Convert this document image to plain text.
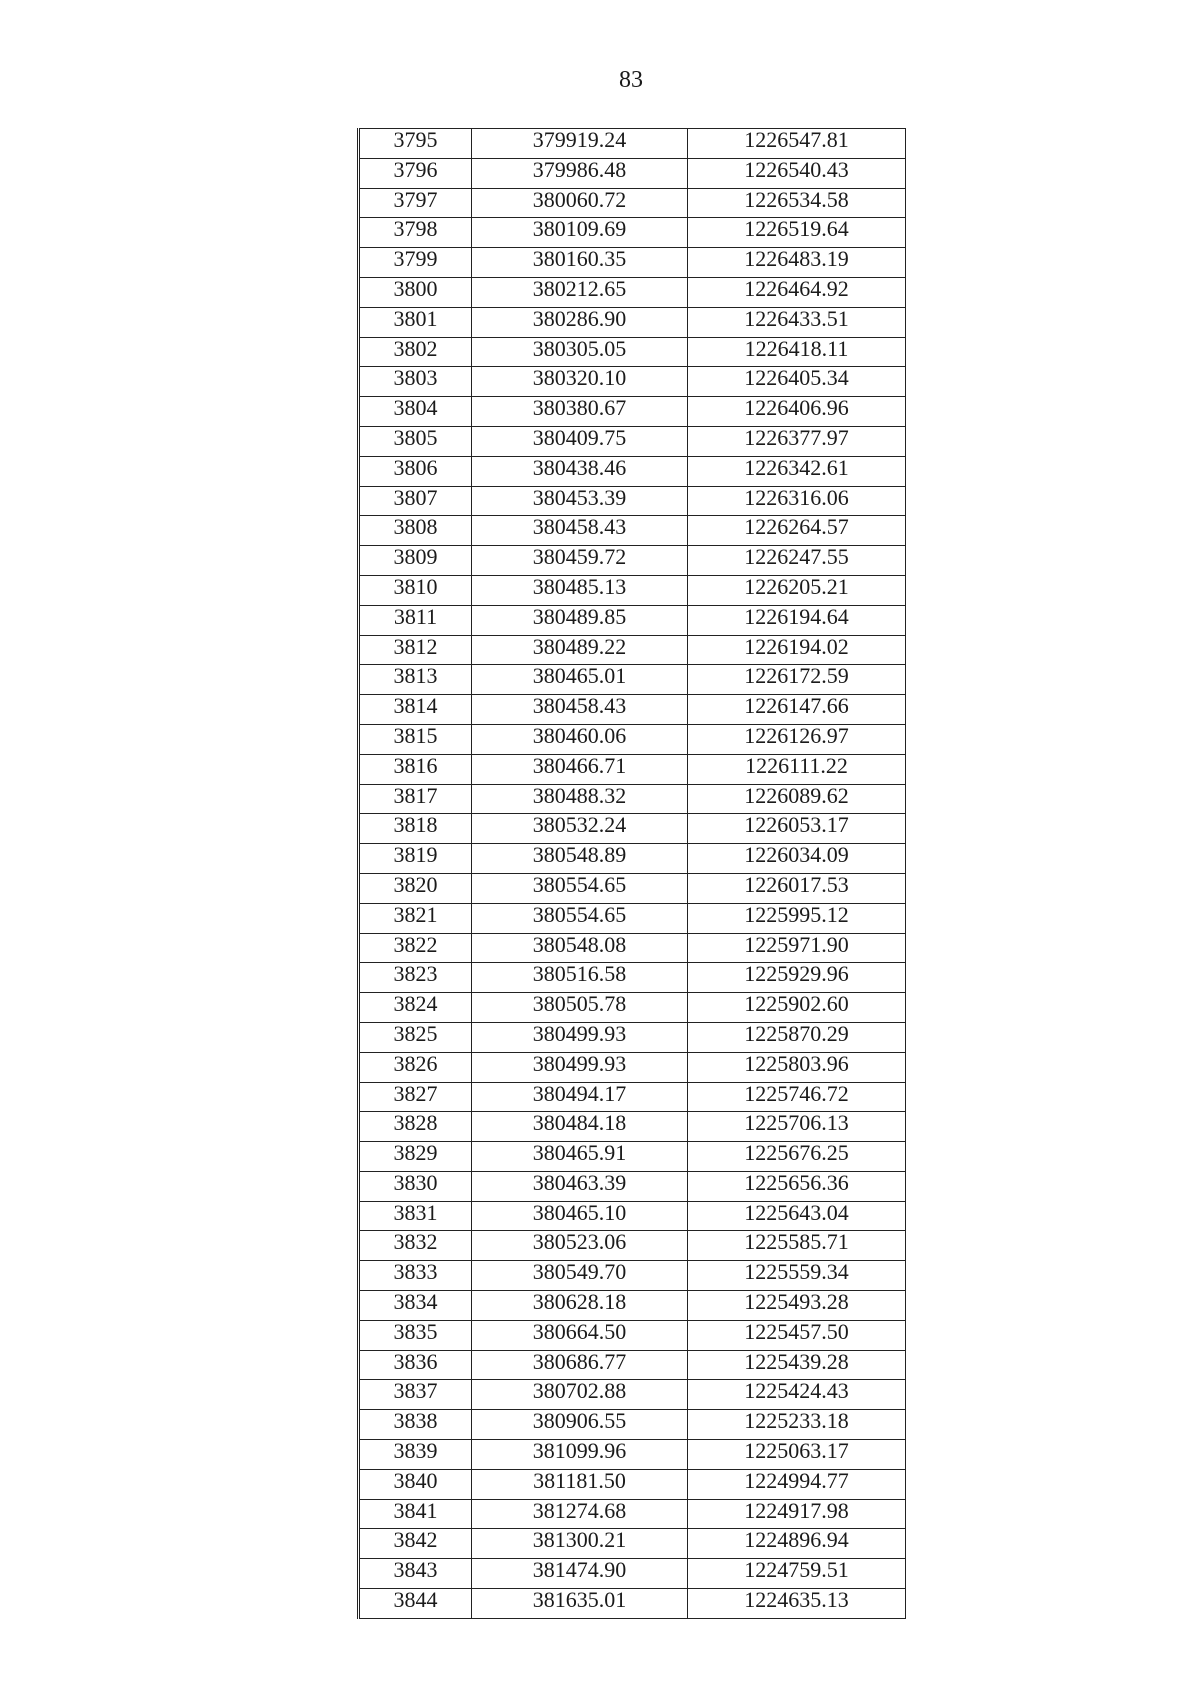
83
3795	379919.24	1226547.81
3796	379986.48	1226540.43
3797	380060.72	1226534.58
3798	380109.69	1226519.64
3799	380160.35	1226483.19
3800	380212.65	1226464.92
3801	380286.90	1226433.51
3802	380305.05	1226418.11
3803	380320.10	1226405.34
3804	380380.67	1226406.96
3805	380409.75	1226377.97
3806	380438.46	1226342.61
3807	380453.39	1226316.06
3808	380458.43	1226264.57
3809	380459.72	1226247.55
3810	380485.13	1226205.21
3811	380489.85	1226194.64
3812	380489.22	1226194.02
3813	380465.01	1226172.59
3814	380458.43	1226147.66
3815	380460.06	1226126.97
3816	380466.71	1226111.22
3817	380488.32	1226089.62
3818	380532.24	1226053.17
3819	380548.89	1226034.09
3820	380554.65	1226017.53
3821	380554.65	1225995.12
3822	380548.08	1225971.90
3823	380516.58	1225929.96
3824	380505.78	1225902.60
3825	380499.93	1225870.29
3826	380499.93	1225803.96
3827	380494.17	1225746.72
3828	380484.18	1225706.13
3829	380465.91	1225676.25
3830	380463.39	1225656.36
3831	380465.10	1225643.04
3832	380523.06	1225585.71
3833	380549.70	1225559.34
3834	380628.18	1225493.28
3835	380664.50	1225457.50
3836	380686.77	1225439.28
3837	380702.88	1225424.43
3838	380906.55	1225233.18
3839	381099.96	1225063.17
3840	381181.50	1224994.77
3841	381274.68	1224917.98
3842	381300.21	1224896.94
3843	381474.90	1224759.51
3844	381635.01	1224635.13
